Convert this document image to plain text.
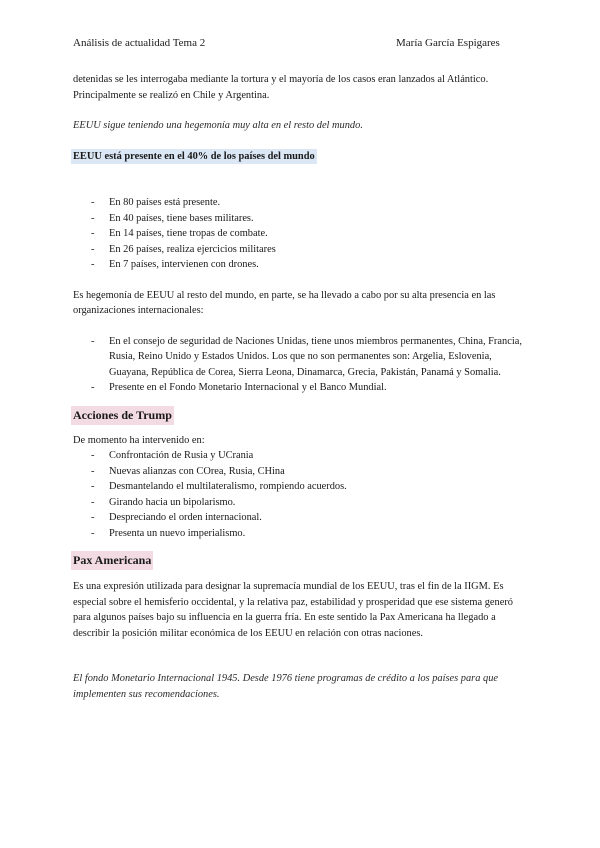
Análisis de actualidad Tema 2	María García Espigares

detenidas se les interrogaba mediante la tortura y el mayoría de los casos eran lanzados al Atlántico. Principalmente se realizó en Chile y Argentina.

EEUU sigue teniendo una hegemonía muy alta en el resto del mundo.

EEUU está presente en el 40% de los países del mundo

- En 80 países está presente.
- En 40 países, tiene bases militares.
- En 14 países, tiene tropas de combate.
- En 26 países, realiza ejercicios militares
- En 7 países, intervienen con drones.

Es hegemonía de EEUU al resto del mundo, en parte, se ha llevado a cabo por su alta presencia en las organizaciones internacionales:

- En el consejo de seguridad de Naciones Unidas, tiene unos miembros permanentes, China, Francia, Rusia, Reino Unido y Estados Unidos. Los que no son permanentes son: Argelia, Eslovenia, Guayana, República de Corea, Sierra Leona, Dinamarca, Grecia, Pakistán, Panamá y Somalia.
- Presente en el Fondo Monetario Internacional y el Banco Mundial.

Acciones de Trump

De momento ha intervenido en:

- Confrontación de Rusia y UCrania
- Nuevas alianzas con COrea, Rusia, CHina
- Desmantelando el multilateralismo, rompiendo acuerdos.
- Girando hacia un bipolarismo.
- Despreciando el orden internacional.
- Presenta un nuevo imperialismo.

Pax Americana

Es una expresión utilizada para designar la supremacía mundial de los EEUU, tras el fin de la IIGM. Es especial sobre el hemisferio occidental, y la relativa paz, estabilidad y prosperidad que ese sistema generó para algunos países bajo su influencia en la guerra fría. En este sentido la Pax Americana ha llegado a describir la posición militar económica de los EEUU en relación con otras naciones.

El fondo Monetario Internacional 1945. Desde 1976 tiene programas de crédito a los países para que implementen sus recomendaciones.
